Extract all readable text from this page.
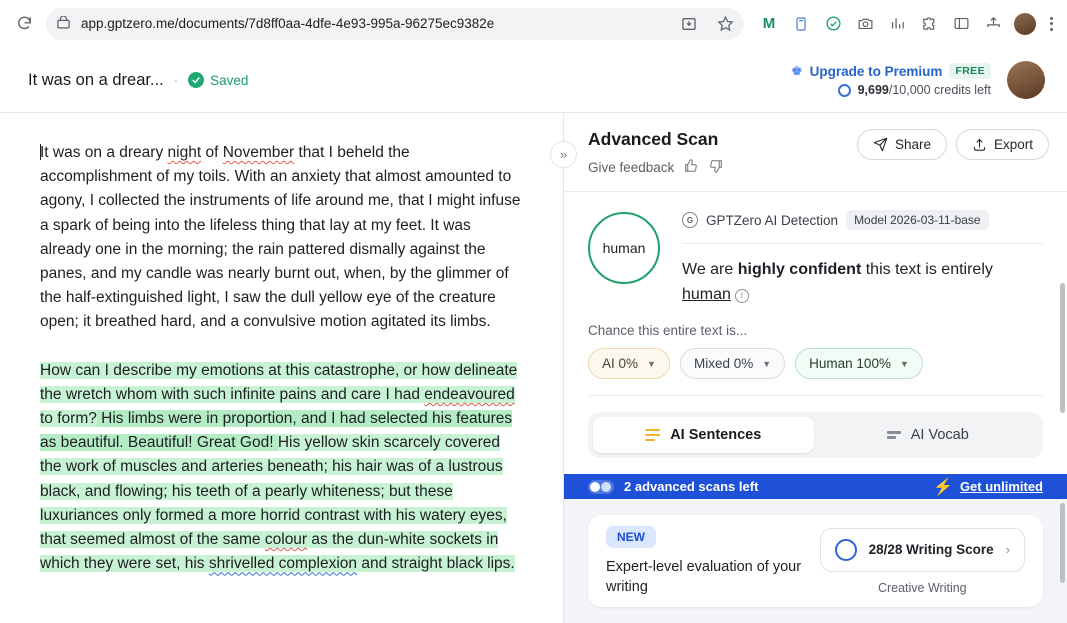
app.gptzero.me/documents/7d8ff0aa-4dfe-4e93-995a-96275ec9382e	M
It was on a drear... · Saved
♚ Upgrade to Premium	FREE
9,699/10,000 credits left

It was on a dreary night of November that I beheld the accomplishment of my toils. With an anxiety that almost amounted to agony, I collected the instruments of life around me, that I might infuse a spark of being into the lifeless thing that lay at my feet. It was already one in the morning; the rain pattered dismally against the panes, and my candle was nearly burnt out, when, by the glimmer of the half-extinguished light, I saw the dull yellow eye of the creature open; it breathed hard, and a convulsive motion agitated its limbs.

How can I describe my emotions at this catastrophe, or how delineate the wretch whom with such infinite pains and care I had endeavoured to form? His limbs were in proportion, and I had selected his features as beautiful. Beautiful! Great God! His yellow skin scarcely covered the work of muscles and arteries beneath; his hair was of a lustrous black, and flowing; his teeth of a pearly whiteness; but these luxuriances only formed a more horrid contrast with his watery eyes, that seemed almost of the same colour as the dun-white sockets in which they were set, his shrivelled complexion and straight black lips.

»
Advanced Scan
Give feedback
Share	Export
human
G GPTZero AI Detection	Model 2026-03-11-base
We are highly confident this text is entirely human i
Chance this entire text is...
AI 0% ▼	Mixed 0% ▼	Human 100% ▼
AI Sentences	AI Vocab
2 advanced scans left	⚡ Get unlimited
NEW
Expert-level evaluation of your writing
28/28 Writing Score ›
Creative Writing
